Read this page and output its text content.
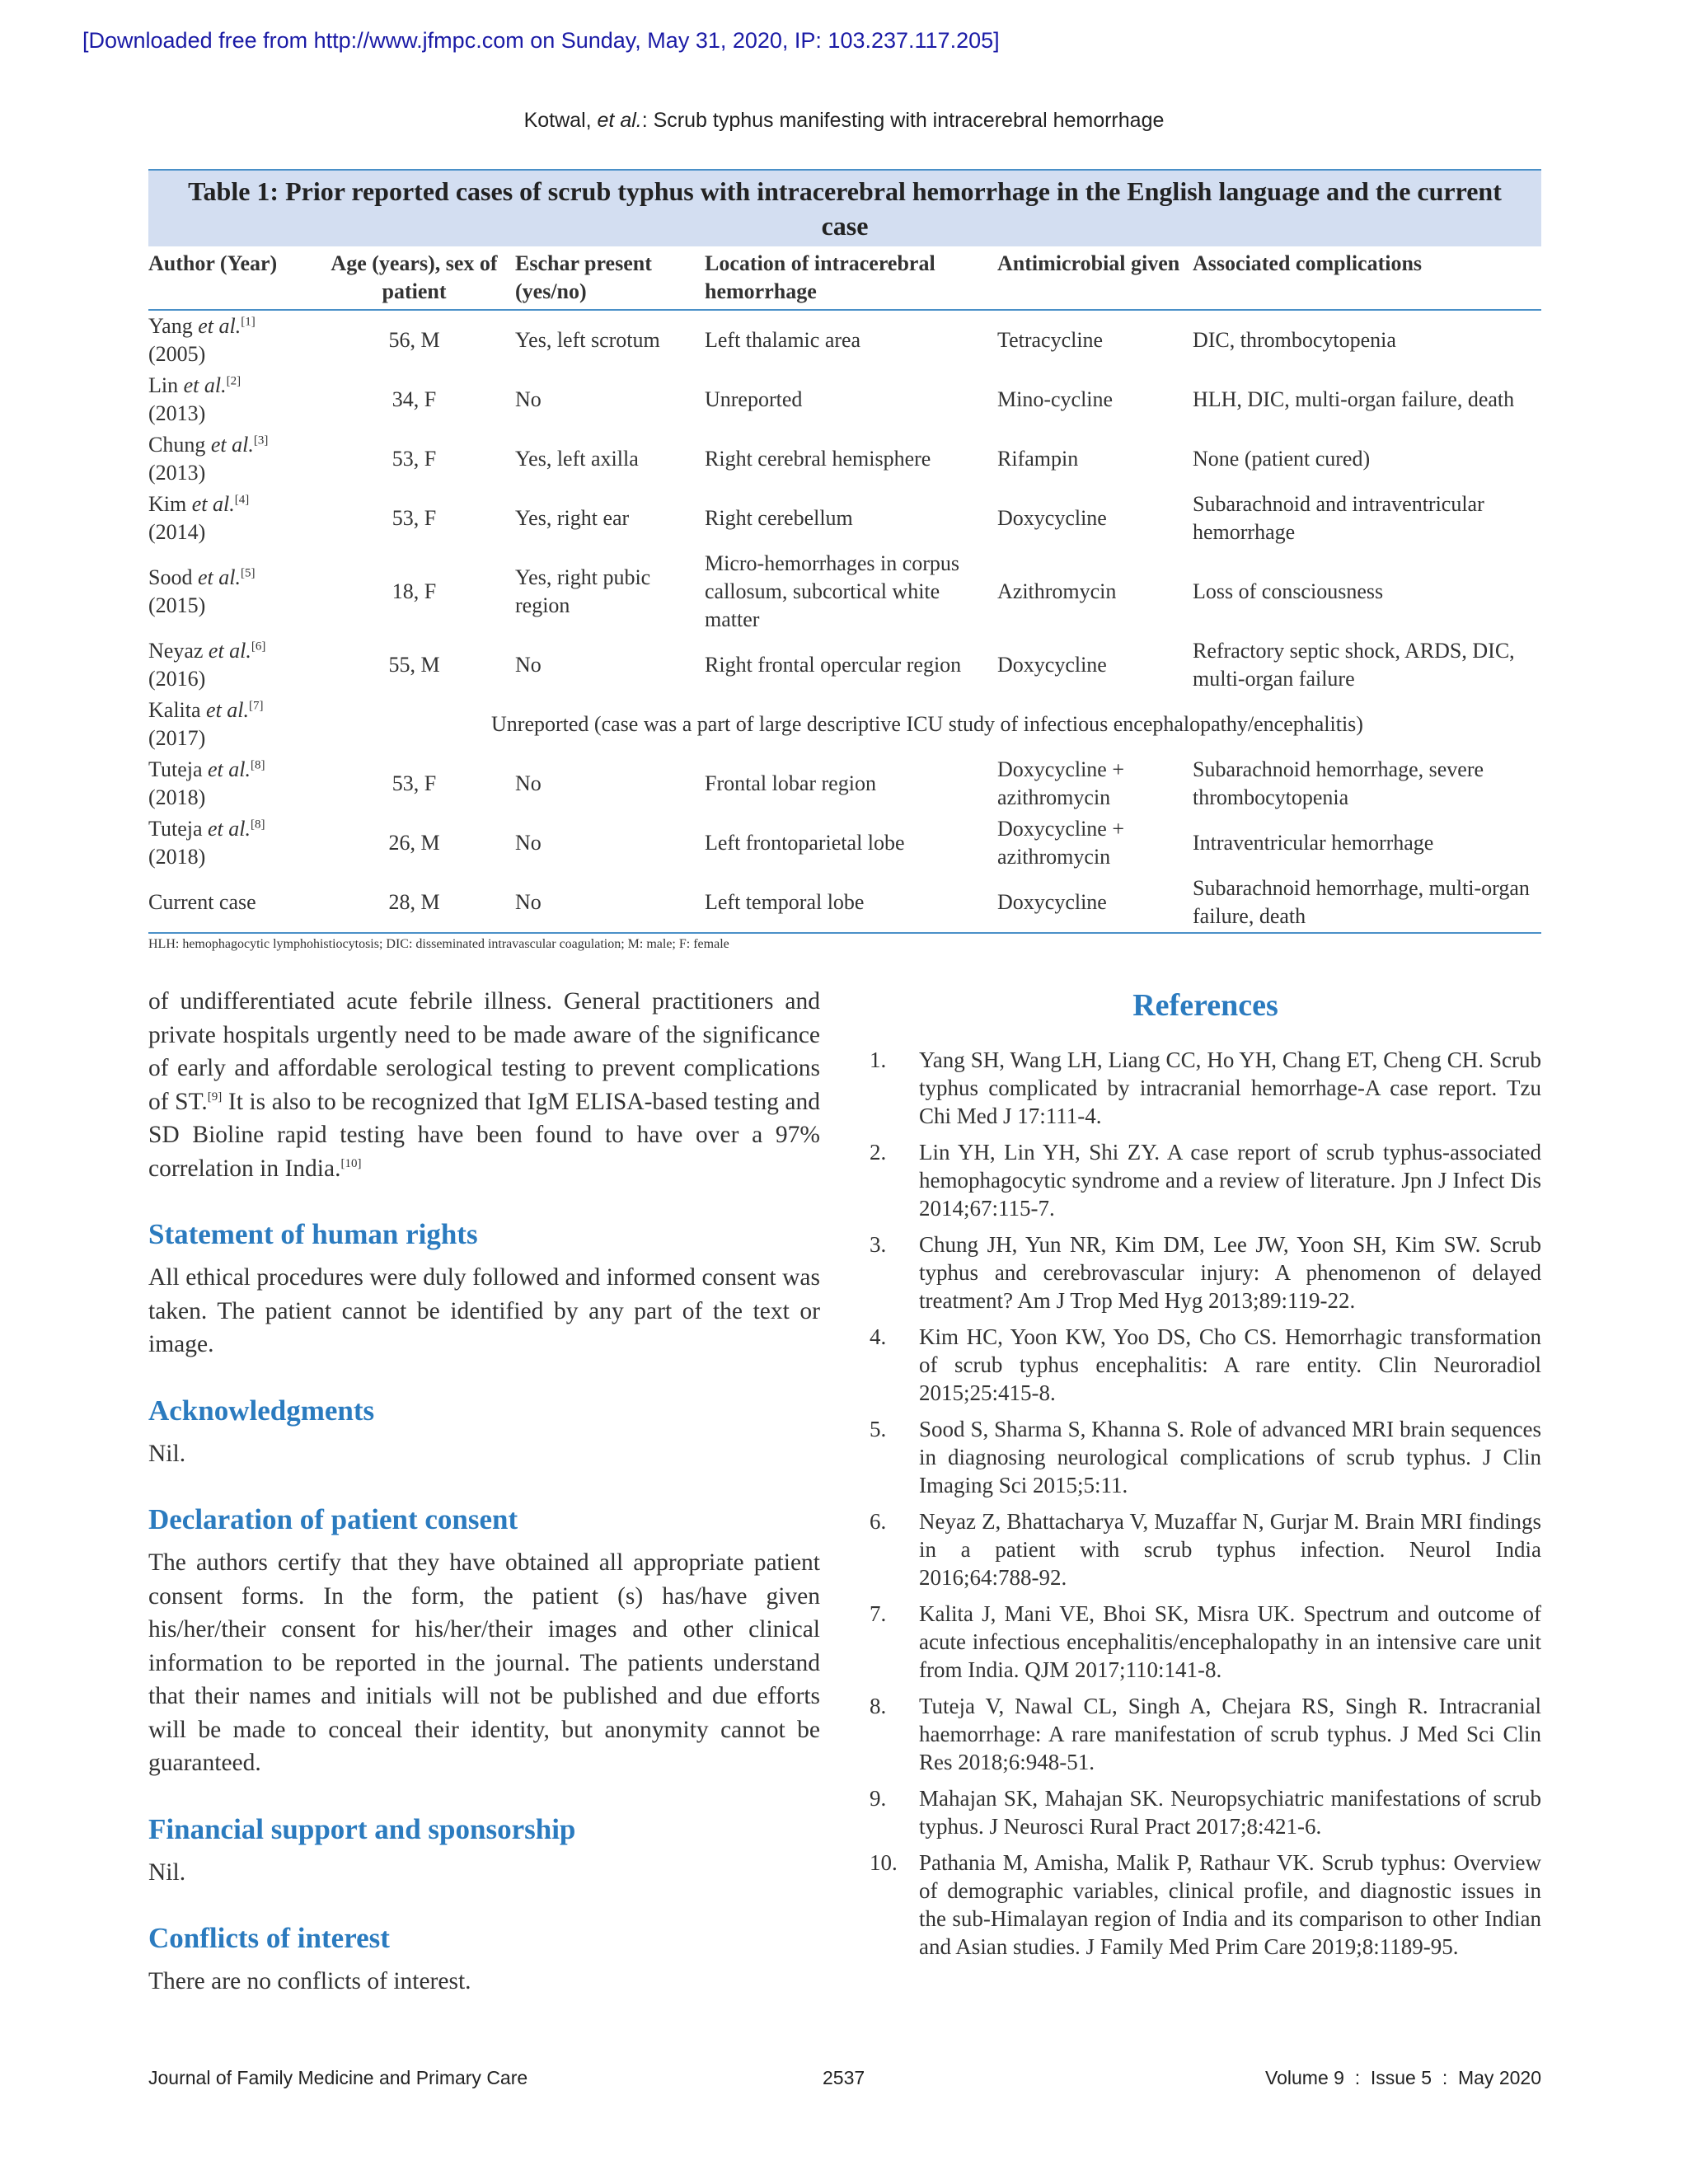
[Downloaded free from http://www.jfmpc.com on Sunday, May 31, 2020, IP: 103.237.117.205]
Kotwal, et al.: Scrub typhus manifesting with intracerebral hemorrhage
Table 1: Prior reported cases of scrub typhus with intracerebral hemorrhage in the English language and the current case
Author (Year)	Age (years), sex of patient	Eschar present (yes/no)	Location of intracerebral hemorrhage	Antimicrobial given	Associated complications
Yang et al.[1]
(2005)	56, M	Yes, left scrotum	Left thalamic area	Tetracycline	DIC, thrombocytopenia
Lin et al.[2]
(2013)	34, F	No	Unreported	Mino‑cycline	HLH, DIC, multi‑organ failure, death
Chung et al.[3]
(2013)	53, F	Yes, left axilla	Right cerebral hemisphere	Rifampin	None (patient cured)
Kim et al.[4]
(2014)	53, F	Yes, right ear	Right cerebellum	Doxycycline	Subarachnoid and intraventricular hemorrhage
Sood et al.[5]
(2015)	18, F	Yes, right pubic region	Micro‑hemorrhages in corpus callosum, subcortical white matter	Azithromycin	Loss of consciousness
Neyaz et al.[6]
(2016)	55, M	No	Right frontal opercular region	Doxycycline	Refractory septic shock, ARDS, DIC, multi‑organ failure
Kalita et al.[7]
(2017)	Unreported (case was a part of large descriptive ICU study of infectious encephalopathy/encephalitis)				
Tuteja et al.[8]
(2018)	53, F	No	Frontal lobar region	Doxycycline + azithromycin	Subarachnoid hemorrhage, severe thrombocytopenia
Tuteja et al.[8]
(2018)	26, M	No	Left frontoparietal lobe	Doxycycline + azithromycin	Intraventricular hemorrhage
Current case	28, M	No	Left temporal lobe	Doxycycline	Subarachnoid hemorrhage, multi‑organ failure, death
HLH: hemophagocytic lymphohistiocytosis; DIC: disseminated intravascular coagulation; M: male; F: female

of undifferentiated acute febrile illness. General practitioners and private hospitals urgently need to be made aware of the significance of early and affordable serological testing to prevent complications of ST.[9] It is also to be recognized that IgM ELISA‑based testing and SD Bioline rapid testing have been found to have over a 97% correlation in India.[10]

Statement of human rights

All ethical procedures were duly followed and informed consent was taken. The patient cannot be identified by any part of the text or image.

Acknowledgments

Nil.

Declaration of patient consent

The authors certify that they have obtained all appropriate patient consent forms. In the form, the patient (s) has/have given his/her/their consent for his/her/their images and other clinical information to be reported in the journal. The patients understand that their names and initials will not be published and due efforts will be made to conceal their identity, but anonymity cannot be guaranteed.

Financial support and sponsorship

Nil.

Conflicts of interest

There are no conflicts of interest.

References
1.	Yang SH, Wang LH, Liang CC, Ho YH, Chang ET, Cheng CH. Scrub typhus complicated by intracranial hemorrhage‑A case report. Tzu Chi Med J 17:111‑4.
2.	Lin YH, Lin YH, Shi ZY. A case report of scrub typhus‑associated hemophagocytic syndrome and a review of literature. Jpn J Infect Dis 2014;67:115‑7.
3.	Chung JH, Yun NR, Kim DM, Lee JW, Yoon SH, Kim SW. Scrub typhus and cerebrovascular injury: A phenomenon of delayed treatment? Am J Trop Med Hyg 2013;89:119‑22.
4.	Kim HC, Yoon KW, Yoo DS, Cho CS. Hemorrhagic transformation of scrub typhus encephalitis: A rare entity. Clin Neuroradiol 2015;25:415‑8.
5.	Sood S, Sharma S, Khanna S. Role of advanced MRI brain sequences in diagnosing neurological complications of scrub typhus. J Clin Imaging Sci 2015;5:11.
6.	Neyaz Z, Bhattacharya V, Muzaffar N, Gurjar M. Brain MRI findings in a patient with scrub typhus infection. Neurol India 2016;64:788‑92.
7.	Kalita J, Mani VE, Bhoi SK, Misra UK. Spectrum and outcome of acute infectious encephalitis/encephalopathy in an intensive care unit from India. QJM 2017;110:141‑8.
8.	Tuteja V, Nawal CL, Singh A, Chejara RS, Singh R. Intracranial haemorrhage: A rare manifestation of scrub typhus. J Med Sci Clin Res 2018;6:948‑51.
9.	Mahajan SK, Mahajan SK. Neuropsychiatric manifestations of scrub typhus. J Neurosci Rural Pract 2017;8:421‑6.
10. Pathania M, Amisha, Malik P, Rathaur VK. Scrub typhus: Overview of demographic variables, clinical profile, and diagnostic issues in the sub‑Himalayan region of India and its comparison to other Indian and Asian studies. J Family Med Prim Care 2019;8:1189‑95.
Journal of Family Medicine and Primary Care	2537	Volume 9  :  Issue 5  :  May 2020
